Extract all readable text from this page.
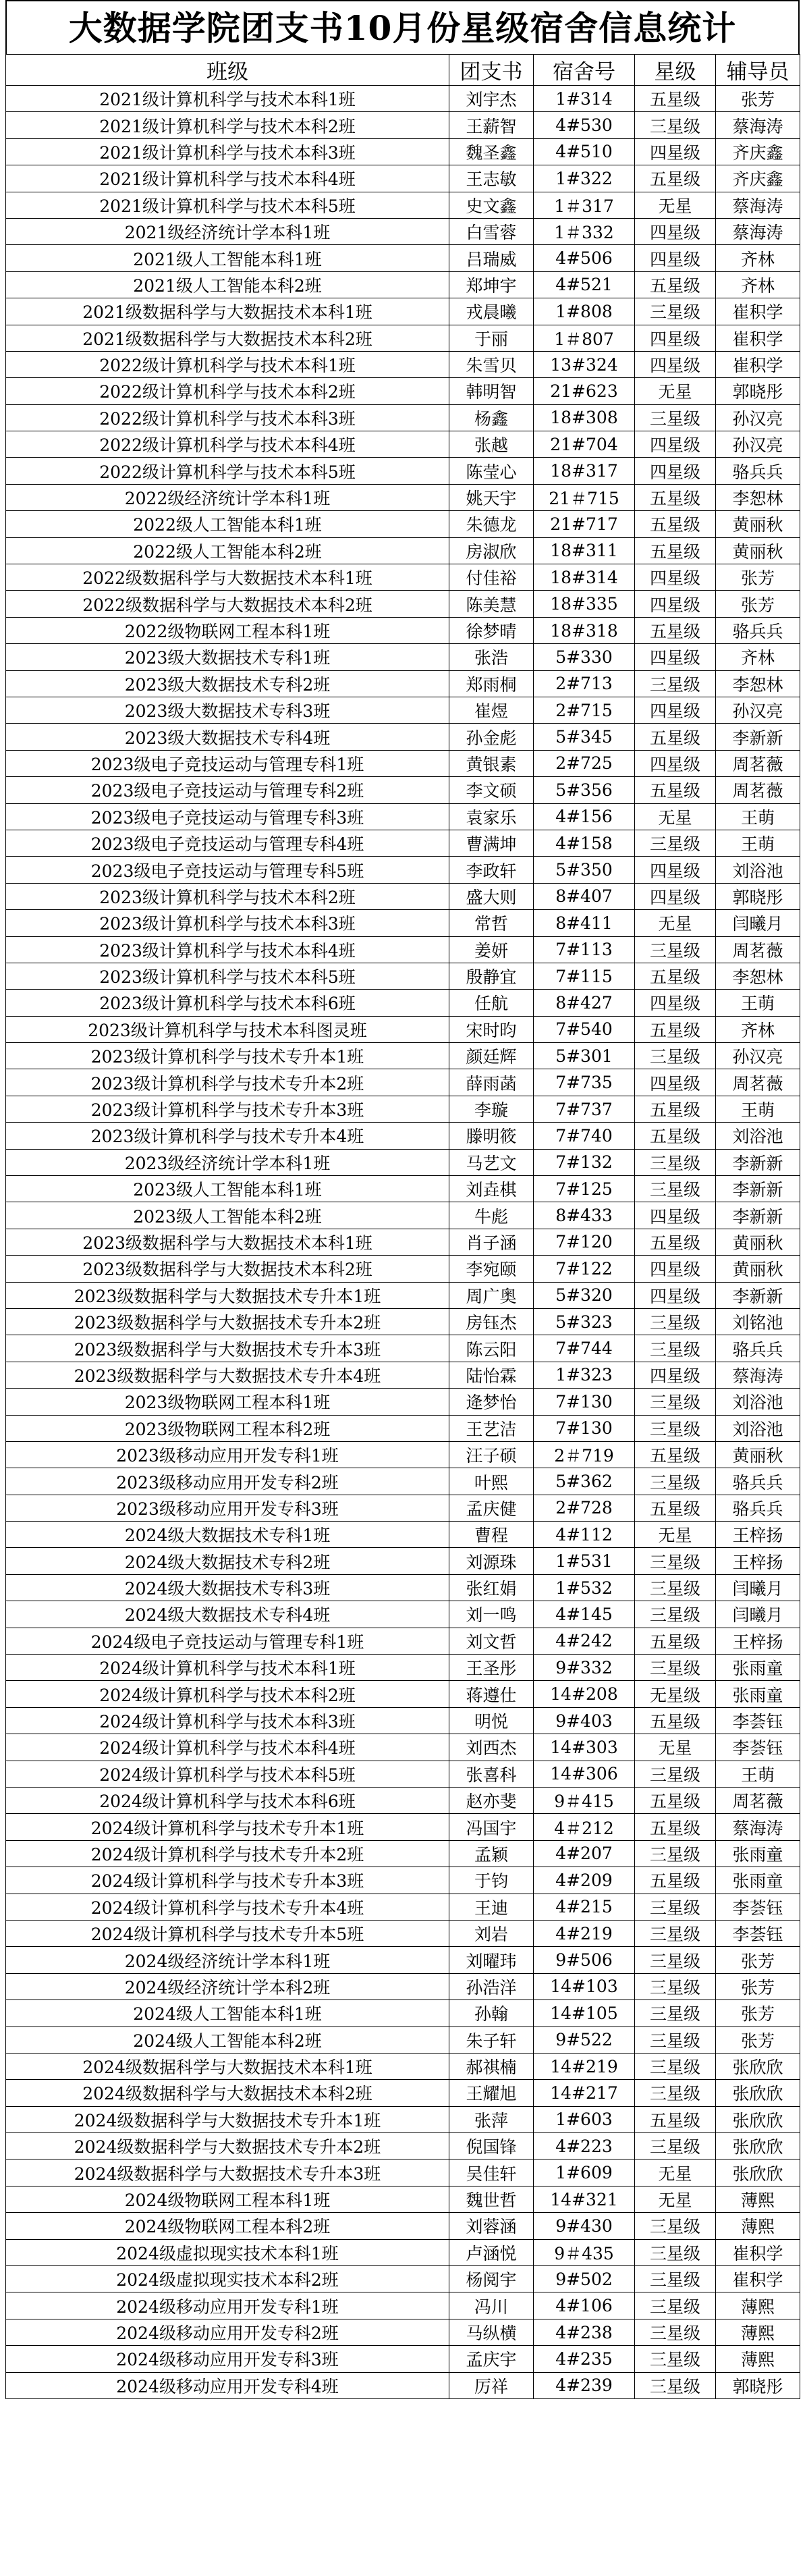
大数据学院团支书10月份星级宿舍信息统计
班级	团支书	宿舍号	星级	辅导员
2021级计算机科学与技术本科1班	刘宇杰	1#314	五星级	张芳
2021级计算机科学与技术本科2班	王薪智	4#530	三星级	蔡海涛
2021级计算机科学与技术本科3班	魏圣鑫	4#510	四星级	齐庆鑫
2021级计算机科学与技术本科4班	王志敏	1#322	五星级	齐庆鑫
2021级计算机科学与技术本科5班	史文鑫	1＃317	无星	蔡海涛
2021级经济统计学本科1班	白雪蓉	1＃332	四星级	蔡海涛
2021级人工智能本科1班	吕瑞威	4#506	四星级	齐林
2021级人工智能本科2班	郑坤宇	4#521	五星级	齐林
2021级数据科学与大数据技术本科1班	戎晨曦	1#808	三星级	崔积学
2021级数据科学与大数据技术本科2班	于丽	1＃807	四星级	崔积学
2022级计算机科学与技术本科1班	朱雪贝	13#324	四星级	崔积学
2022级计算机科学与技术本科2班	韩明智	21#623	无星	郭晓彤
2022级计算机科学与技术本科3班	杨鑫	18#308	三星级	孙汉亮
2022级计算机科学与技术本科4班	张越	21#704	四星级	孙汉亮
2022级计算机科学与技术本科5班	陈莹心	18#317	四星级	骆兵兵
2022级经济统计学本科1班	姚天宇	21＃715	五星级	李恕林
2022级人工智能本科1班	朱德龙	21#717	五星级	黄丽秋
2022级人工智能本科2班	房淑欣	18#311	五星级	黄丽秋
2022级数据科学与大数据技术本科1班	付佳裕	18#314	四星级	张芳
2022级数据科学与大数据技术本科2班	陈美慧	18#335	四星级	张芳
2022级物联网工程本科1班	徐梦晴	18#318	五星级	骆兵兵
2023级大数据技术专科1班	张浩	5#330	四星级	齐林
2023级大数据技术专科2班	郑雨桐	2#713	三星级	李恕林
2023级大数据技术专科3班	崔煜	2#715	四星级	孙汉亮
2023级大数据技术专科4班	孙金彪	5#345	五星级	李新新
2023级电子竞技运动与管理专科1班	黄银素	2#725	四星级	周茗薇
2023级电子竞技运动与管理专科2班	李文硕	5#356	五星级	周茗薇
2023级电子竞技运动与管理专科3班	袁家乐	4#156	无星	王萌
2023级电子竞技运动与管理专科4班	曹满坤	4#158	三星级	王萌
2023级电子竞技运动与管理专科5班	李政轩	5#350	四星级	刘浴池
2023级计算机科学与技术本科2班	盛大则	8#407	四星级	郭晓彤
2023级计算机科学与技术本科3班	常哲	8#411	无星	闫曦月
2023级计算机科学与技术本科4班	姜妍	7#113	三星级	周茗薇
2023级计算机科学与技术本科5班	殷静宜	7#115	五星级	李恕林
2023级计算机科学与技术本科6班	任航	8#427	四星级	王萌
2023级计算机科学与技术本科图灵班	宋时昀	7#540	五星级	齐林
2023级计算机科学与技术专升本1班	颜廷辉	5#301	三星级	孙汉亮
2023级计算机科学与技术专升本2班	薛雨菡	7#735	四星级	周茗薇
2023级计算机科学与技术专升本3班	李璇	7#737	五星级	王萌
2023级计算机科学与技术专升本4班	滕明筱	7#740	五星级	刘浴池
2023级经济统计学本科1班	马艺文	7#132	三星级	李新新
2023级人工智能本科1班	刘垚棋	7#125	三星级	李新新
2023级人工智能本科2班	牛彪	8#433	四星级	李新新
2023级数据科学与大数据技术本科1班	肖子涵	7#120	五星级	黄丽秋
2023级数据科学与大数据技术本科2班	李宛颐	7#122	四星级	黄丽秋
2023级数据科学与大数据技术专升本1班	周广奥	5#320	四星级	李新新
2023级数据科学与大数据技术专升本2班	房钰杰	5#323	三星级	刘铭池
2023级数据科学与大数据技术专升本3班	陈云阳	7#744	三星级	骆兵兵
2023级数据科学与大数据技术专升本4班	陆怡霖	1#323	四星级	蔡海涛
2023级物联网工程本科1班	逄梦怡	7#130	三星级	刘浴池
2023级物联网工程本科2班	王艺洁	7#130	三星级	刘浴池
2023级移动应用开发专科1班	汪子硕	2＃719	五星级	黄丽秋
2023级移动应用开发专科2班	叶熙	5#362	三星级	骆兵兵
2023级移动应用开发专科3班	孟庆健	2#728	五星级	骆兵兵
2024级大数据技术专科1班	曹程	4#112	无星	王梓扬
2024级大数据技术专科2班	刘源珠	1#531	三星级	王梓扬
2024级大数据技术专科3班	张红娟	1#532	三星级	闫曦月
2024级大数据技术专科4班	刘一鸣	4#145	三星级	闫曦月
2024级电子竞技运动与管理专科1班	刘文哲	4#242	五星级	王梓扬
2024级计算机科学与技术本科1班	王圣彤	9#332	三星级	张雨童
2024级计算机科学与技术本科2班	蒋遵仕	14#208	无星级	张雨童
2024级计算机科学与技术本科3班	明悦	9#403	五星级	李荟钰
2024级计算机科学与技术本科4班	刘西杰	14#303	无星	李荟钰
2024级计算机科学与技术本科5班	张喜科	14#306	三星级	王萌
2024级计算机科学与技术本科6班	赵亦斐	9＃415	五星级	周茗薇
2024级计算机科学与技术专升本1班	冯国宇	4＃212	五星级	蔡海涛
2024级计算机科学与技术专升本2班	孟颖	4#207	三星级	张雨童
2024级计算机科学与技术专升本3班	于钧	4#209	五星级	张雨童
2024级计算机科学与技术专升本4班	王迪	4#215	三星级	李荟钰
2024级计算机科学与技术专升本5班	刘岩	4#219	三星级	李荟钰
2024级经济统计学本科1班	刘曜玮	9#506	三星级	张芳
2024级经济统计学本科2班	孙浩洋	14#103	三星级	张芳
2024级人工智能本科1班	孙翰	14#105	三星级	张芳
2024级人工智能本科2班	朱子轩	9#522	三星级	张芳
2024级数据科学与大数据技术本科1班	郝祺楠	14#219	三星级	张欣欣
2024级数据科学与大数据技术本科2班	王耀旭	14#217	三星级	张欣欣
2024级数据科学与大数据技术专升本1班	张萍	1#603	五星级	张欣欣
2024级数据科学与大数据技术专升本2班	倪国锋	4#223	三星级	张欣欣
2024级数据科学与大数据技术专升本3班	吴佳轩	1#609	无星	张欣欣
2024级物联网工程本科1班	魏世哲	14#321	无星	薄熙
2024级物联网工程本科2班	刘蓉涵	9#430	三星级	薄熙
2024级虚拟现实技术本科1班	卢涵悦	9＃435	三星级	崔积学
2024级虚拟现实技术本科2班	杨阅宇	9#502	三星级	崔积学
2024级移动应用开发专科1班	冯川	4#106	三星级	薄熙
2024级移动应用开发专科2班	马纵横	4#238	三星级	薄熙
2024级移动应用开发专科3班	孟庆宇	4#235	三星级	薄熙
2024级移动应用开发专科4班	厉祥	4#239	三星级	郭晓彤
